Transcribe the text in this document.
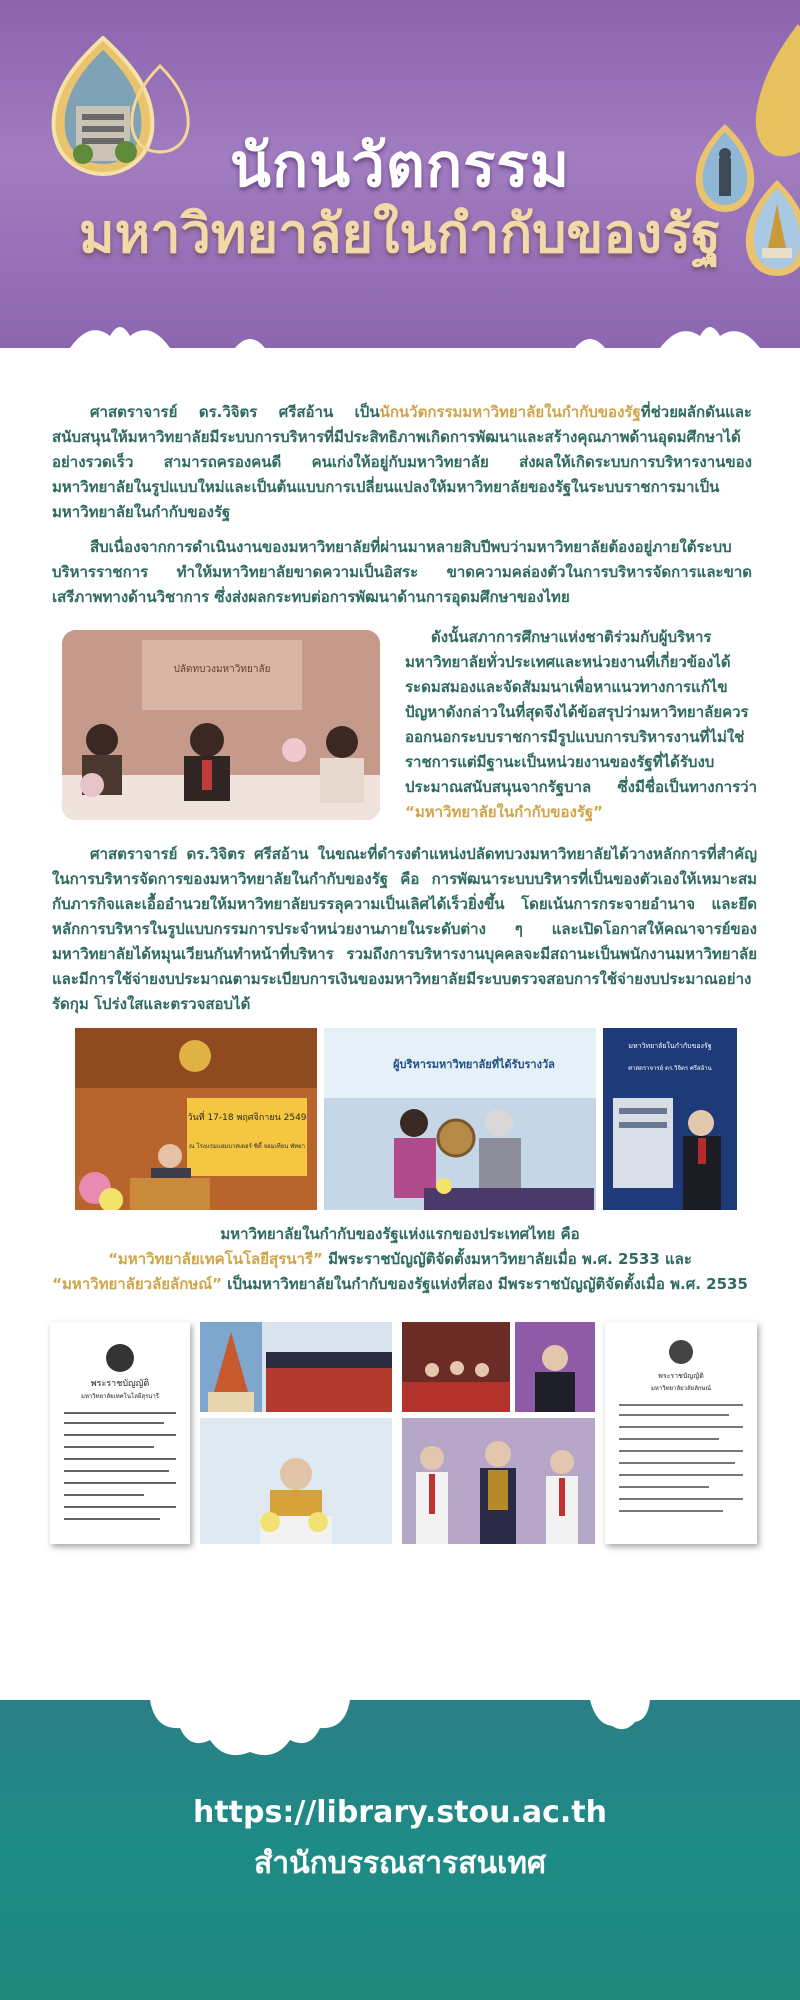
นักนวัตกรรม
มหาวิทยาลัยในกำกับของรัฐ

ศาสตราจารย์ ดร.วิจิตร ศรีสอ้าน เป็นนักนวัตกรรมมหาวิทยาลัยในกำกับของรัฐที่ช่วยผลักดันและสนับสนุนให้มหาวิทยาลัยมีระบบการบริหารที่มีประสิทธิภาพเกิดการพัฒนาและสร้างคุณภาพด้านอุดมศึกษาได้อย่างรวดเร็ว สามารถครองคนดี คนเก่งให้อยู่กับมหาวิทยาลัย ส่งผลให้เกิดระบบการบริหารงานของมหาวิทยาลัยในรูปแบบใหม่และเป็นต้นแบบการเปลี่ยนแปลงให้มหาวิทยาลัยของรัฐในระบบราชการมาเป็นมหาวิทยาลัยในกำกับของรัฐ

สืบเนื่องจากการดำเนินงานของมหาวิทยาลัยที่ผ่านมาหลายสิบปีพบว่ามหาวิทยาลัยต้องอยู่ภายใต้ระบบบริหารราชการ ทำให้มหาวิทยาลัยขาดความเป็นอิสระ ขาดความคล่องตัวในการบริหารจัดการและขาดเสรีภาพทางด้านวิชาการ ซึ่งส่งผลกระทบต่อการพัฒนาด้านการอุดมศึกษาของไทย

ปลัดทบวงมหาวิทยาลัย

ดังนั้นสภาการศึกษาแห่งชาติร่วมกับผู้บริหารมหาวิทยาลัยทั่วประเทศและหน่วยงานที่เกี่ยวข้องได้ระดมสมองและจัดสัมมนาเพื่อหาแนวทางการแก้ไขปัญหาดังกล่าวในที่สุดจึงได้ข้อสรุปว่ามหาวิทยาลัยควรออกนอกระบบราชการมีรูปแบบการบริหารงานที่ไม่ใช่ราชการแต่มีฐานะเป็นหน่วยงานของรัฐที่ได้รับงบประมาณสนับสนุนจากรัฐบาล ซึ่งมีชื่อเป็นทางการว่า “มหาวิทยาลัยในกำกับของรัฐ”

ศาสตราจารย์ ดร.วิจิตร ศรีสอ้าน ในขณะที่ดำรงตำแหน่งปลัดทบวงมหาวิทยาลัยได้วางหลักการที่สำคัญในการบริหารจัดการของมหาวิทยาลัยในกำกับของรัฐ คือ การพัฒนาระบบบริหารที่เป็นของตัวเองให้เหมาะสมกับภารกิจและเอื้ออำนวยให้มหาวิทยาลัยบรรลุความเป็นเลิศได้เร็วยิ่งขึ้น โดยเน้นการกระจายอำนาจ และยึดหลักการบริหารในรูปแบบกรรมการประจำหน่วยงานภายในระดับต่าง ๆ และเปิดโอกาสให้คณาจารย์ของมหาวิทยาลัยได้หมุนเวียนกันทำหน้าที่บริหาร รวมถึงการบริหารงานบุคคลจะมีสถานะเป็นพนักงานมหาวิทยาลัยและมีการใช้จ่ายงบประมาณตามระเบียบการเงินของมหาวิทยาลัยมีระบบตรวจสอบการใช้จ่ายงบประมาณอย่างรัดกุม โปร่งใสและตรวจสอบได้

วันที่ 17-18 พฤศจิกายน 2549
ณ โรงแรมแอมบาสเดอร์ ซิตี้ จอมเทียน พัทยา
ผู้บริหารมหาวิทยาลัยที่ได้รับรางวัล
มหาวิทยาลัยในกำกับของรัฐ
ศาสตราจารย์ ดร.วิจิตร ศรีสอ้าน
มหาวิทยาลัยในกำกับของรัฐแห่งแรกของประเทศไทย คือ
“มหาวิทยาลัยเทคโนโลยีสุรนารี” มีพระราชบัญญัติจัดตั้งมหาวิทยาลัยเมื่อ พ.ศ. 2533 และ
“มหาวิทยาลัยวลัยลักษณ์” เป็นมหาวิทยาลัยในกำกับของรัฐแห่งที่สอง มีพระราชบัญญัติจัดตั้งเมื่อ พ.ศ. 2535
พระราชบัญญัติ
มหาวิทยาลัยเทคโนโลยีสุรนารี
พระราชบัญญัติ
มหาวิทยาลัยวลัยลักษณ์
https://library.stou.ac.th
สำนักบรรณสารสนเทศ
